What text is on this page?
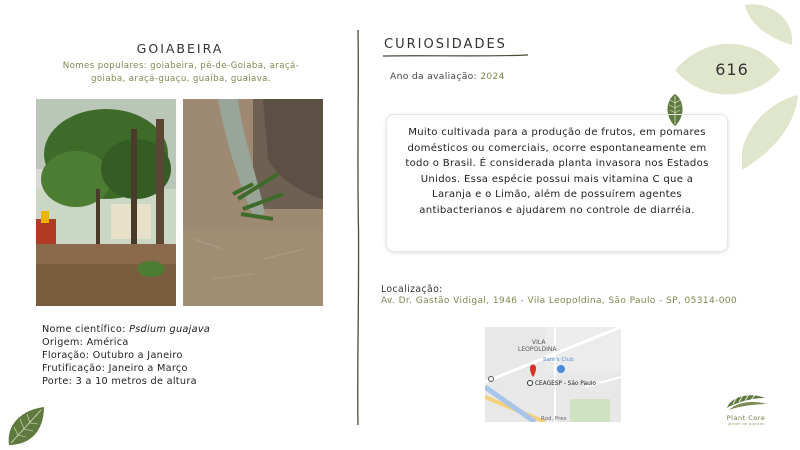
616
GOIABEIRA
Nomes populares: goiabeira, pé-de-Goiaba, araçá-goiaba, araçá-guaçu, guaíba, guaiava.
Nome científico: Psdium guajava
Origem: América
Floração: Outubro a Janeiro
Frutificação: Janeiro a Março
Porte: 3 a 10 metros de altura
CURIOSIDADES
Ano da avaliação: 2024
Muito cultivada para a produção de frutos, em pomares domésticos ou comerciais, ocorre espontaneamente em todo o Brasil. É considerada planta invasora nos Estados Unidos. Essa espécie possui mais vitamina C que a Laranja e o Limão, além de possuírem agentes antibacterianos e ajudarem no controle de diarréia.
Localização:
Av. Dr. Gastão Vidigal, 1946 - Vila Leopoldina, São Paulo - SP, 05314-000
VILA
LEOPOLDINA
Sam's Club
CEAGESP - São Paulo
Rod. Pres	Plant Core
jardim de plantas
